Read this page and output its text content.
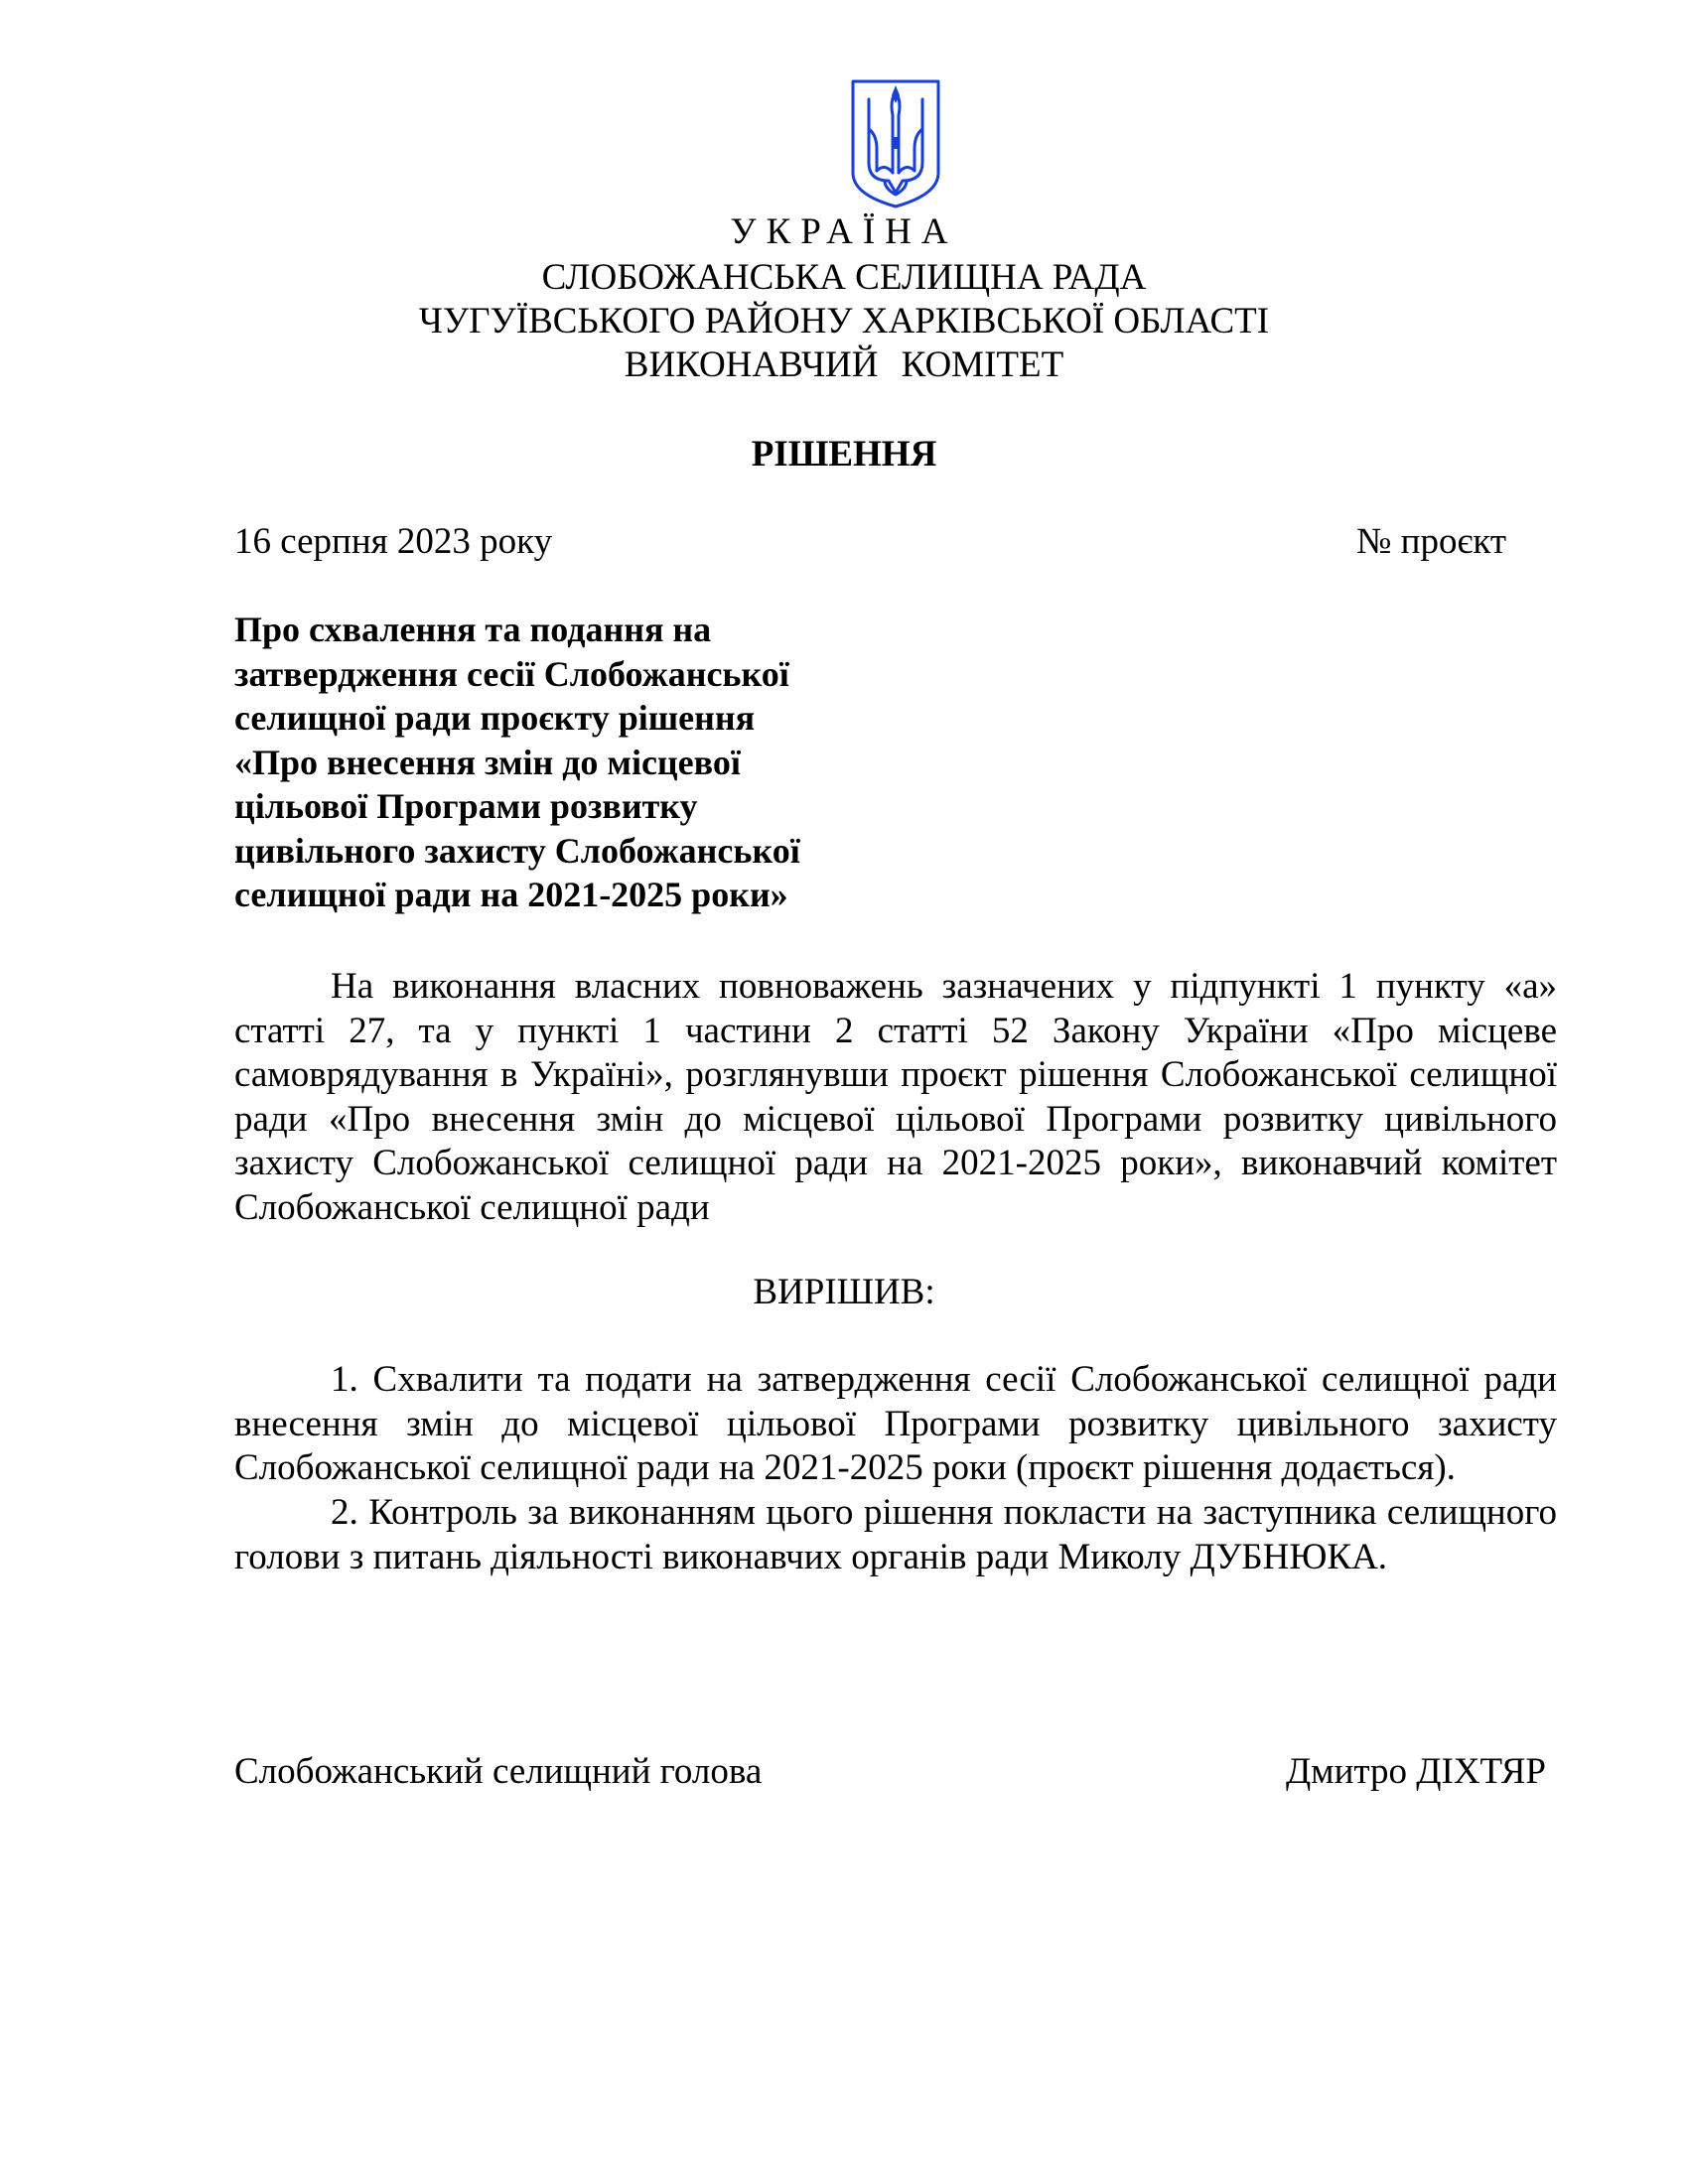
УКРАЇНА
СЛОБОЖАНСЬКА СЕЛИЩНА РАДА
ЧУГУЇВСЬКОГО РАЙОНУ ХАРКІВСЬКОЇ ОБЛАСТІ
ВИКОНАВЧИЙ КОМІТЕТ
РІШЕННЯ
16 серпня 2023 року	№ проєкт
Про схвалення та подання на
затвердження сесії Слобожанської
селищної ради проєкту рішення
«Про внесення змін до місцевої
цільової Програми розвитку
цивільного захисту Слобожанської
селищної ради на 2021-2025 роки»
На виконання власних повноважень зазначених у підпункті 1 пункту «а» статті 27, та у пункті 1 частини 2 статті 52 Закону України «Про місцеве самоврядування в Україні», розглянувши проєкт рішення Слобожанської селищної ради «Про внесення змін до місцевої цільової Програми розвитку цивільного захисту Слобожанської селищної ради на 2021-2025 роки», виконавчий комітет Слобожанської селищної ради
ВИРІШИВ:
1. Схвалити та подати на затвердження сесії Слобожанської селищної ради внесення змін до місцевої цільової Програми розвитку цивільного захисту Слобожанської селищної ради на 2021-2025 роки (проєкт рішення додається).
2. Контроль за виконанням цього рішення покласти на заступника селищного голови з питань діяльності виконавчих органів ради Миколу ДУБНЮКА.
Слобожанський селищний голова	Дмитро ДІХТЯР
